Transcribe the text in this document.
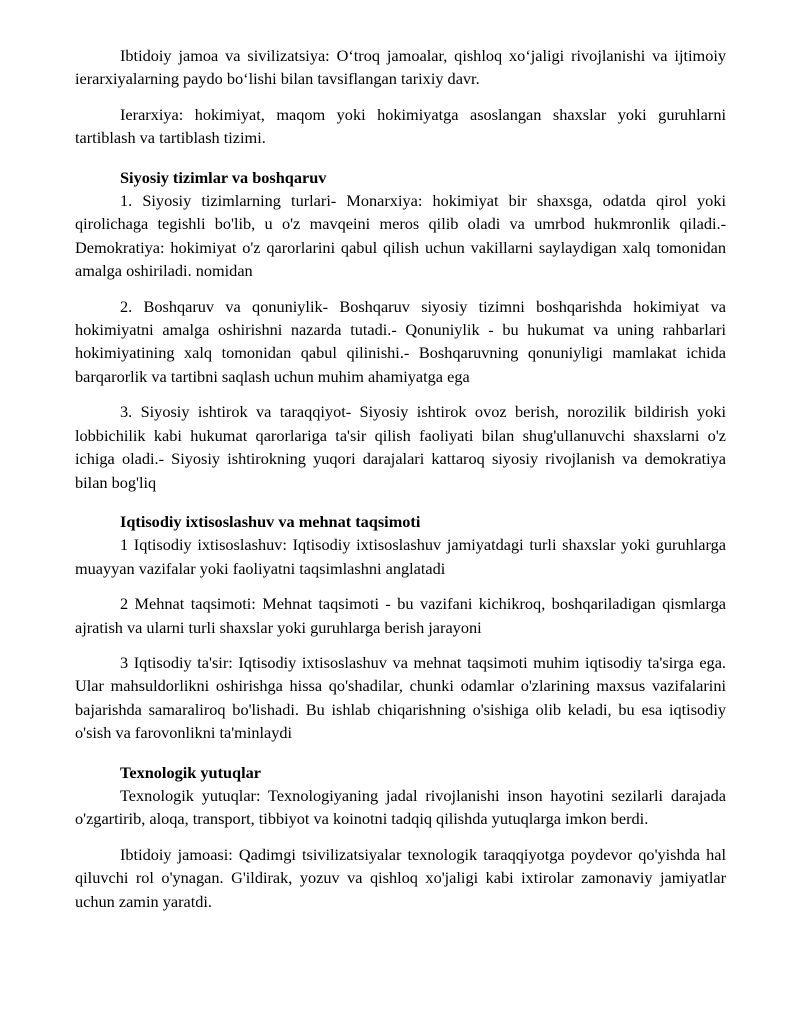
Ibtidoiy jamoa va sivilizatsiya: O‘troq jamoalar, qishloq xo‘jaligi rivojlanishi va ijtimoiy ierarxiyalarning paydo bo‘lishi bilan tavsiflangan tarixiy davr.

Ierarxiya: hokimiyat, maqom yoki hokimiyatga asoslangan shaxslar yoki guruhlarni tartiblash va tartiblash tizimi.

Siyosiy tizimlar va boshqaruv

1. Siyosiy tizimlarning turlari- Monarxiya: hokimiyat bir shaxsga, odatda qirol yoki qirolichaga tegishli bo'lib, u o'z mavqeini meros qilib oladi va umrbod hukmronlik qiladi.- Demokratiya: hokimiyat o'z qarorlarini qabul qilish uchun vakillarni saylaydigan xalq tomonidan amalga oshiriladi. nomidan

2. Boshqaruv va qonuniylik- Boshqaruv siyosiy tizimni boshqarishda hokimiyat va hokimiyatni amalga oshirishni nazarda tutadi.- Qonuniylik - bu hukumat va uning rahbarlari hokimiyatining xalq tomonidan qabul qilinishi.- Boshqaruvning qonuniyligi mamlakat ichida barqarorlik va tartibni saqlash uchun muhim ahamiyatga ega

3. Siyosiy ishtirok va taraqqiyot- Siyosiy ishtirok ovoz berish, norozilik bildirish yoki lobbichilik kabi hukumat qarorlariga ta'sir qilish faoliyati bilan shug'ullanuvchi shaxslarni o'z ichiga oladi.- Siyosiy ishtirokning yuqori darajalari kattaroq siyosiy rivojlanish va demokratiya bilan bog'liq

Iqtisodiy ixtisoslashuv va mehnat taqsimoti

1 Iqtisodiy ixtisoslashuv: Iqtisodiy ixtisoslashuv jamiyatdagi turli shaxslar yoki guruhlarga muayyan vazifalar yoki faoliyatni taqsimlashni anglatadi

2 Mehnat taqsimoti: Mehnat taqsimoti - bu vazifani kichikroq, boshqariladigan qismlarga ajratish va ularni turli shaxslar yoki guruhlarga berish jarayoni

3 Iqtisodiy ta'sir: Iqtisodiy ixtisoslashuv va mehnat taqsimoti muhim iqtisodiy ta'sirga ega. Ular mahsuldorlikni oshirishga hissa qo'shadilar, chunki odamlar o'zlarining maxsus vazifalarini bajarishda samaraliroq bo'lishadi. Bu ishlab chiqarishning o'sishiga olib keladi, bu esa iqtisodiy o'sish va farovonlikni ta'minlaydi

Texnologik yutuqlar

Texnologik yutuqlar: Texnologiyaning jadal rivojlanishi inson hayotini sezilarli darajada o'zgartirib, aloqa, transport, tibbiyot va koinotni tadqiq qilishda yutuqlarga imkon berdi.

Ibtidoiy jamoasi: Qadimgi tsivilizatsiyalar texnologik taraqqiyotga poydevor qo'yishda hal qiluvchi rol o'ynagan. G'ildirak, yozuv va qishloq xo'jaligi kabi ixtirolar zamonaviy jamiyatlar uchun zamin yaratdi.
